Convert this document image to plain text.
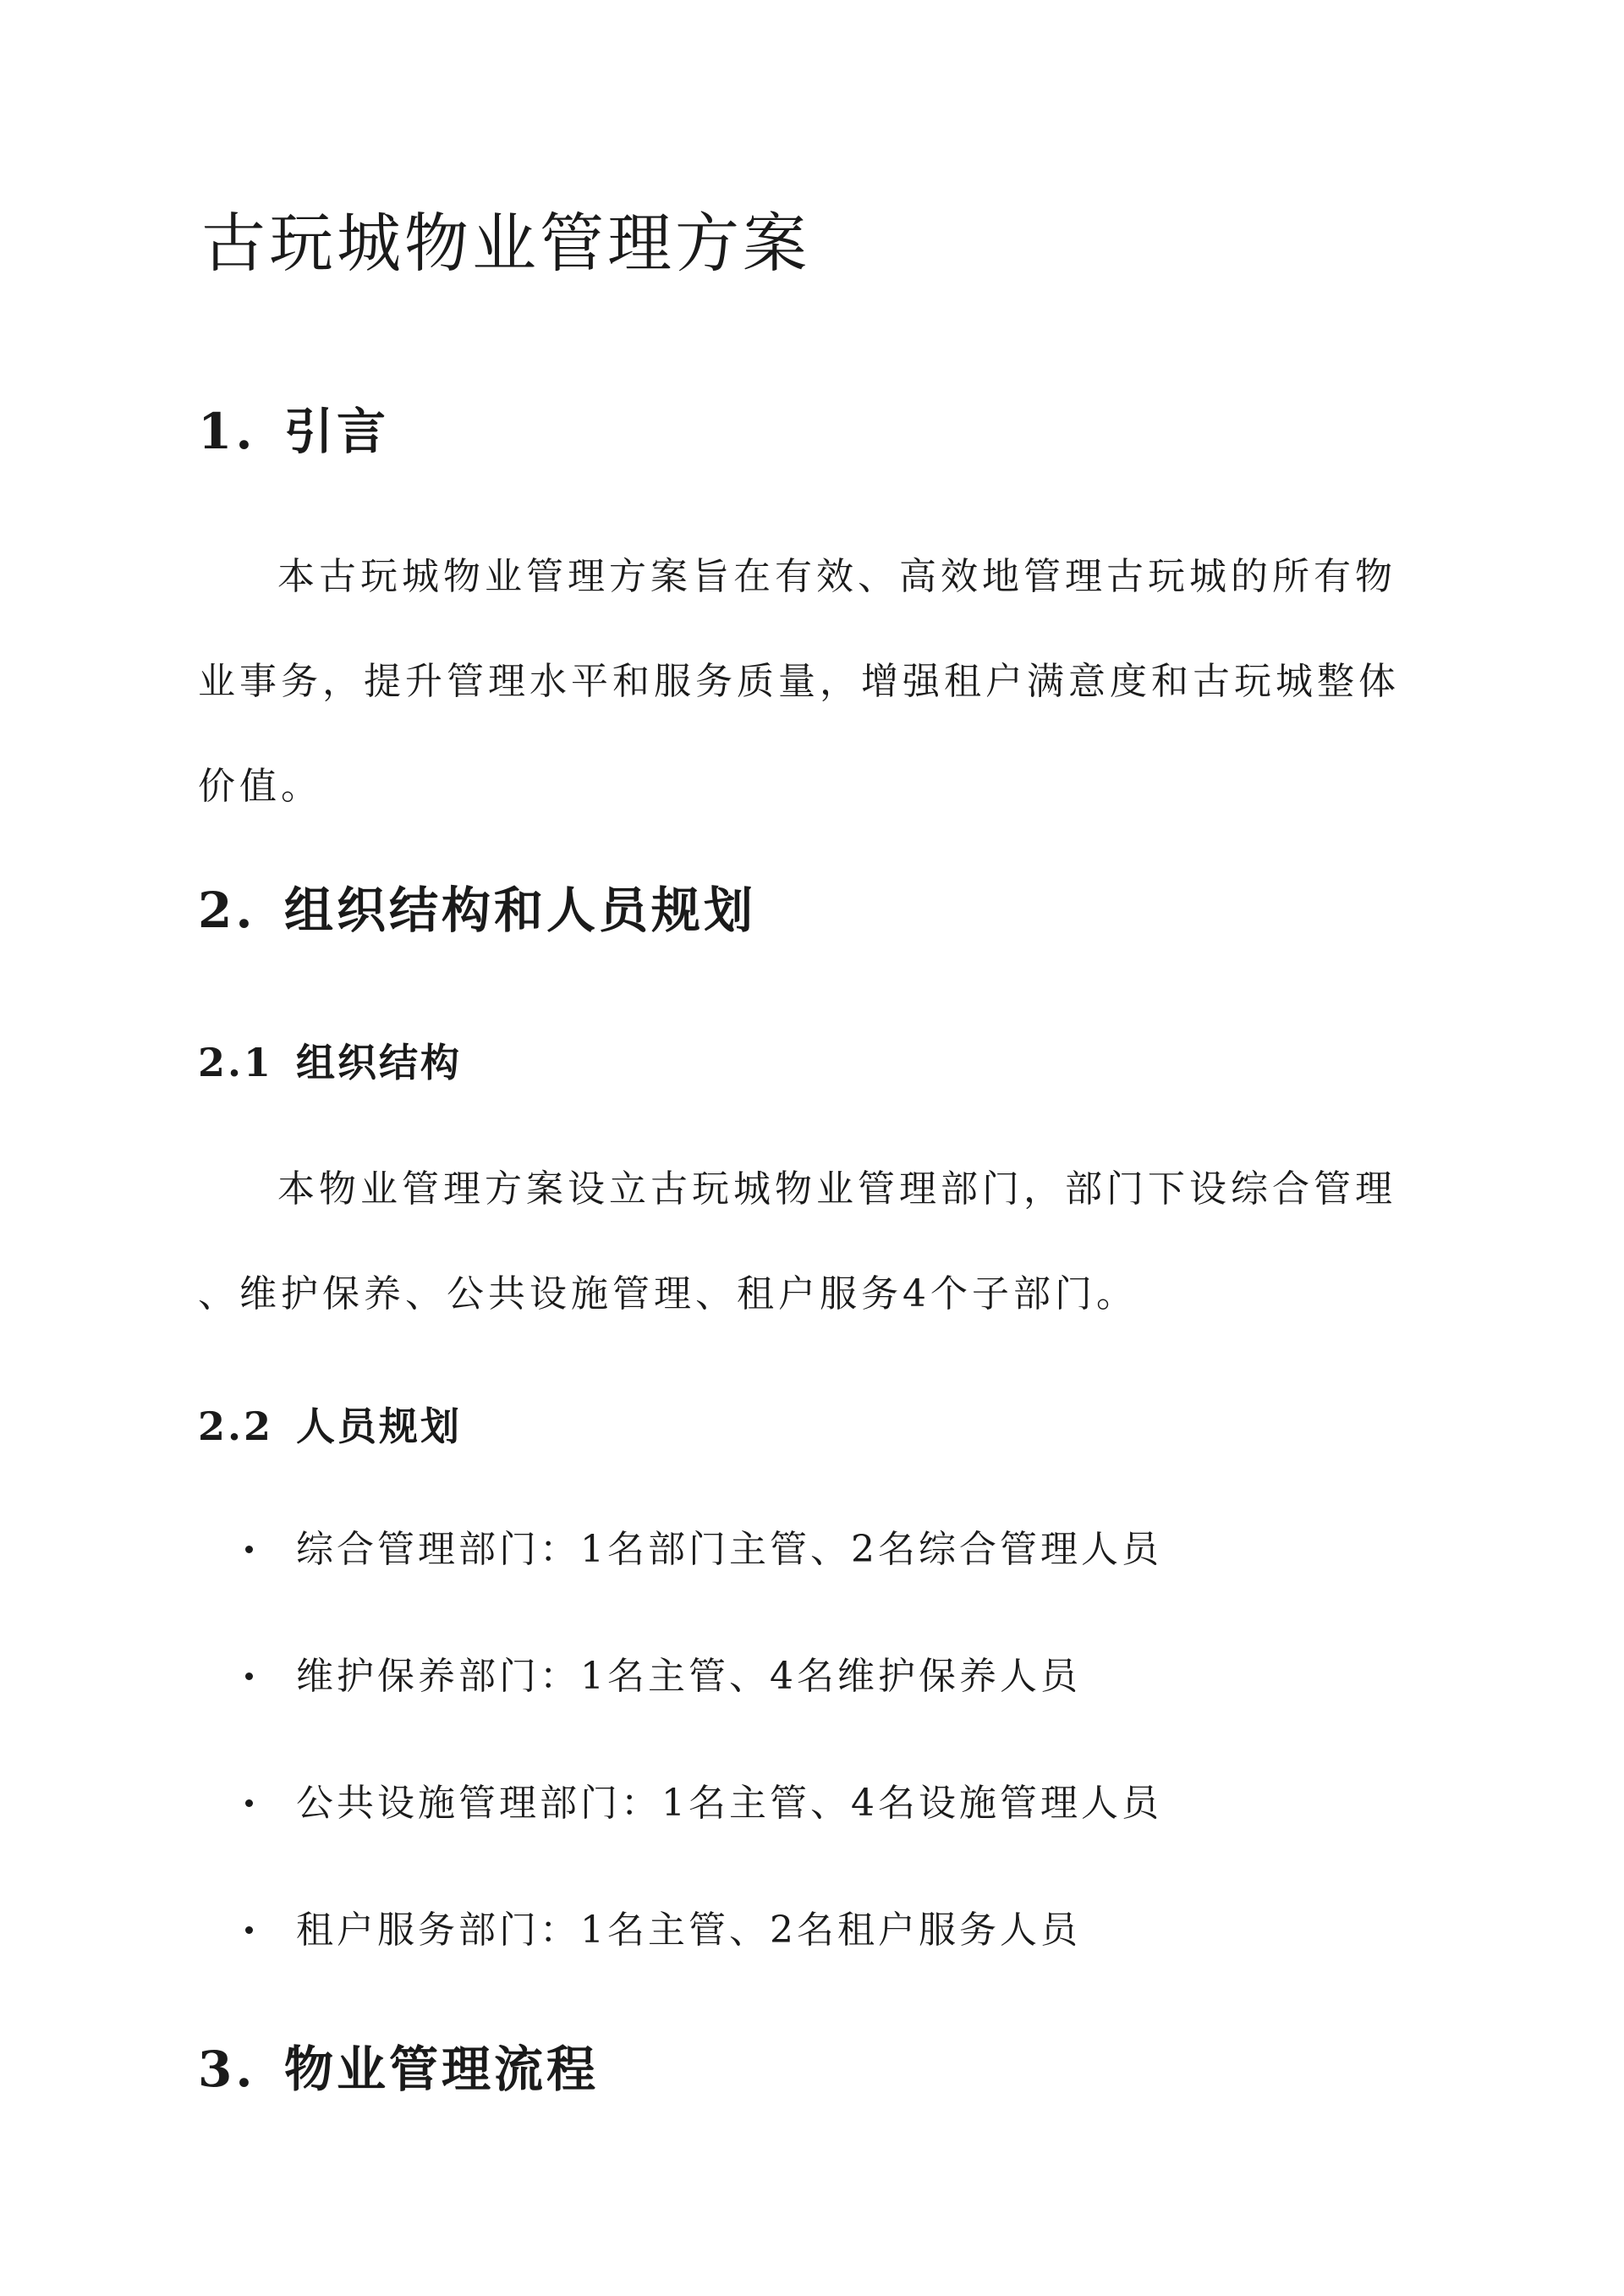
古玩城物业管理方案
1. 引言
本古玩城物业管理方案旨在有效、高效地管理古玩城的所有物
业事务，提升管理水平和服务质量，增强租户满意度和古玩城整体
价值。
2. 组织结构和人员规划
2.1 组织结构
本物业管理方案设立古玩城物业管理部门，部门下设综合管理
、维护保养、公共设施管理、租户服务4个子部门。
2.2 人员规划
综合管理部门：1名部门主管、2名综合管理人员
维护保养部门：1名主管、4名维护保养人员
公共设施管理部门：1名主管、4名设施管理人员
租户服务部门：1名主管、2名租户服务人员
3. 物业管理流程
